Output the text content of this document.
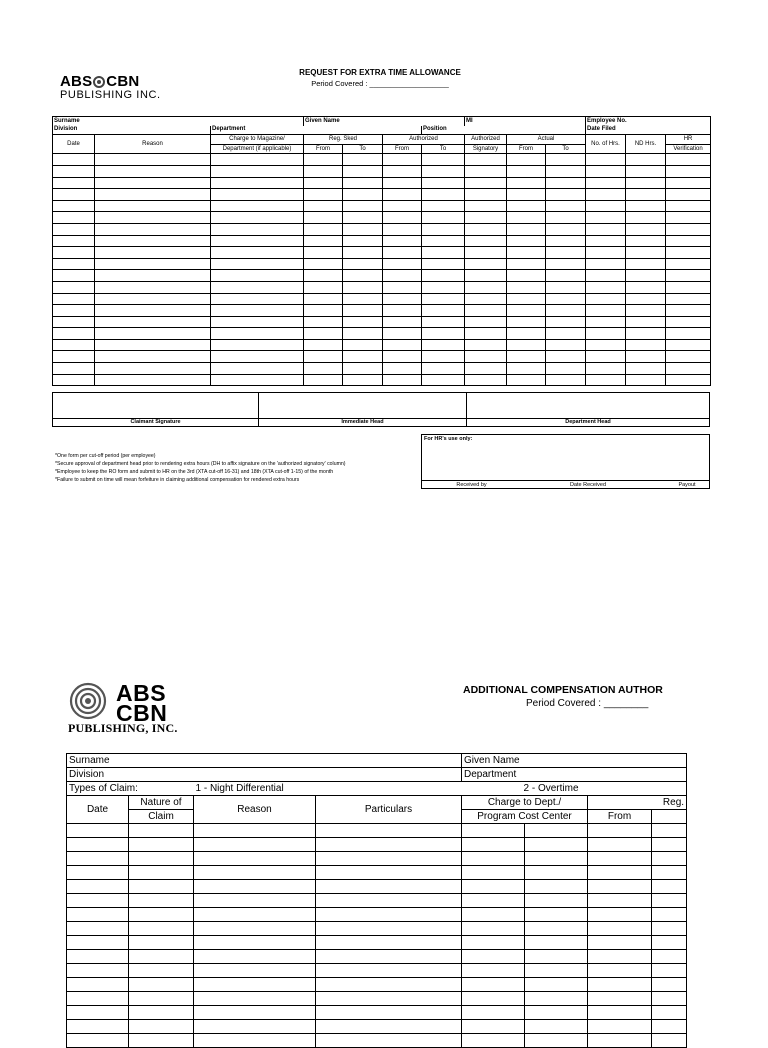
ABS CBN
PUBLISHING INC.
REQUEST FOR EXTRA TIME ALLOWANCE
Period Covered : ___________________
Surname			Given Name				MI			Employee No.		
Division		Department				Position				Date Filed		
Date	Reason	Charge to Magazine/	Reg. Sked		Authorized		Authorized	Actual		No. of Hrs.	ND Hrs.	HR
		Department (if applicable)	From	To	From	To	Signatory	From	To			Verification

Claimant Signature	Immediate Head	Department Head
*One form per cut-off period (per employee)
*Secure approval of department head prior to rendering extra hours (DH to affix signature on the 'authorized signatory' column)
*Employee to keep the RO form and submit to HR on the 3rd (XTA cut-off 16-31) and 18th (XTA cut-off 1-15) of the month
*Failure to submit on time will mean forfeiture in claiming additional compensation for rendered extra hours
For HR's use only:
Received by	Date Received	Payout
ABS
CBN
PUBLISHING, INC.
ADDITIONAL COMPENSATION AUTHOR
Period Covered : ________
Surname				Given Name			
Division				Department			
Types of Claim:		1 - Night Differential		2 - Overtime			
Date	Nature of	Reason	Particulars	Charge to Dept./		Reg.	
	Claim			Program Cost Center		From	
